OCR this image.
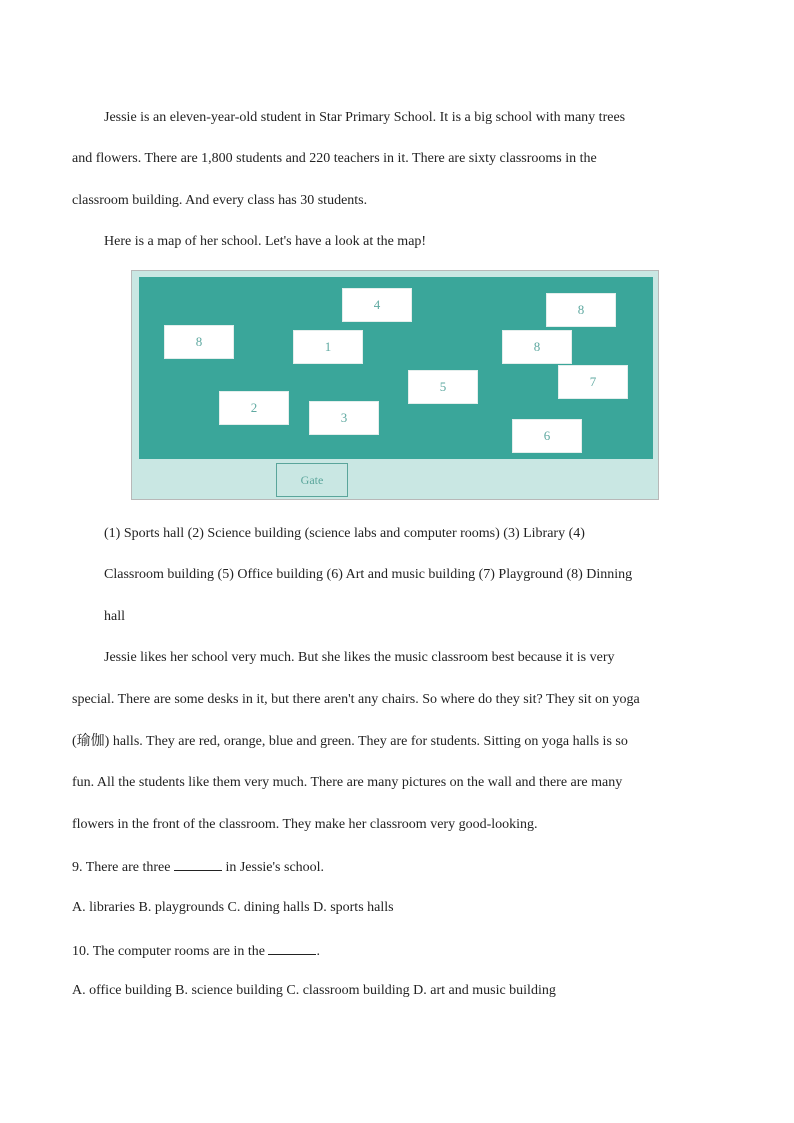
Jessie is an eleven-year-old student in Star Primary School. It is a big school with many trees
and flowers. There are 1,800 students and 220 teachers in it. There are sixty classrooms in the
classroom building. And every class has 30 students.
Here is a map of her school. Let's have a look at the map!
4	8
8	1	8
5	7
2
3
6
Gate
(1) Sports hall (2) Science building (science labs and computer rooms) (3) Library (4)
Classroom building (5) Office building (6) Art and music building (7) Playground (8) Dinning
hall
Jessie likes her school very much. But she likes the music classroom best because it is very
special. There are some desks in it, but there aren't any chairs. So where do they sit? They sit on yoga
(瑜伽) halls. They are red, orange, blue and green. They are for students. Sitting on yoga halls is so
fun. All the students like them very much. There are many pictures on the wall and there are many
flowers in the front of the classroom. They make her classroom very good-looking.
9. There are three	in Jessie's school.
A. libraries B. playgrounds C. dining halls D. sports halls
10. The computer rooms are in the	.
A. office building B. science building C. classroom building D. art and music building
